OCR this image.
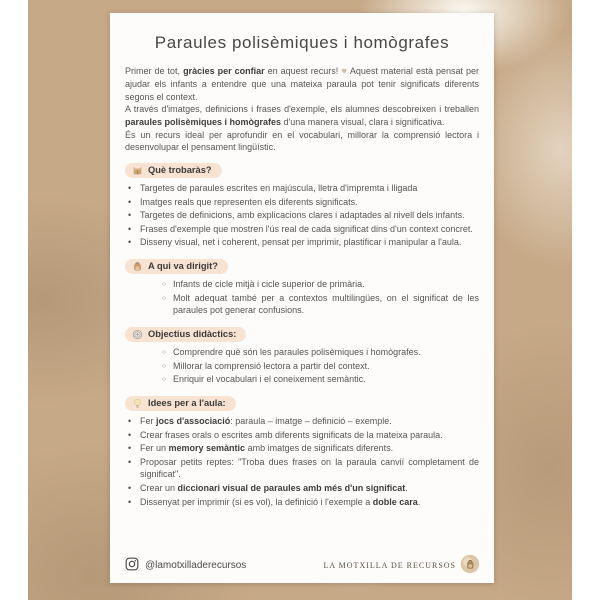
Paraules polisèmiques i homògrafes

Primer de tot, gràcies per confiar en aquest recurs! ♥ Aquest material està pensat per ajudar els infants a entendre que una mateixa paraula pot tenir significats diferents segons el context.

A través d'imatges, definicions i frases d'exemple, els alumnes descobreixen i treballen paraules polisèmiques i homògrafes d'una manera visual, clara i significativa.

És un recurs ideal per aprofundir en el vocabulari, millorar la comprensió lectora i desenvolupar el pensament lingüístic.

Què trobaràs?
• Targetes de paraules escrites en majúscula, lletra d'impremta i lligada
• Imatges reals que representen els diferents significats.
• Targetes de definicions, amb explicacions clares i adaptades al nivell dels infants.
• Frases d'exemple que mostren l'ús real de cada significat dins d'un context concret.
• Disseny visual, net i coherent, pensat per imprimir, plastificar i manipular a l'aula.
A qui va dirigit?
○ Infants de cicle mitjà i cicle superior de primària.
○ Molt adequat també per a contextos multilingües, on el significat de les paraules pot generar confusions.
Objectius didàctics:
○ Comprendre què són les paraules polisèmiques i homògrafes.
○ Millorar la comprensió lectora a partir del context.
○ Enriquir el vocabulari i el coneixement semàntic.
Idees per a l'aula:
• Fer jocs d'associació: paraula – imatge – definició – exemple.
• Crear frases orals o escrites amb diferents significats de la mateixa paraula.
• Fer un memory semàntic amb imatges de significats diferents.
• Proposar petits reptes: "Troba dues frases on la paraula canviï completament de significat".
• Crear un diccionari visual de paraules amb més d'un significat.
• Dissenyat per imprimir (si es vol), la definició i l'exemple a doble cara.
@lamotxilladerecursos	LA MOTXILLA DE RECURSOS
